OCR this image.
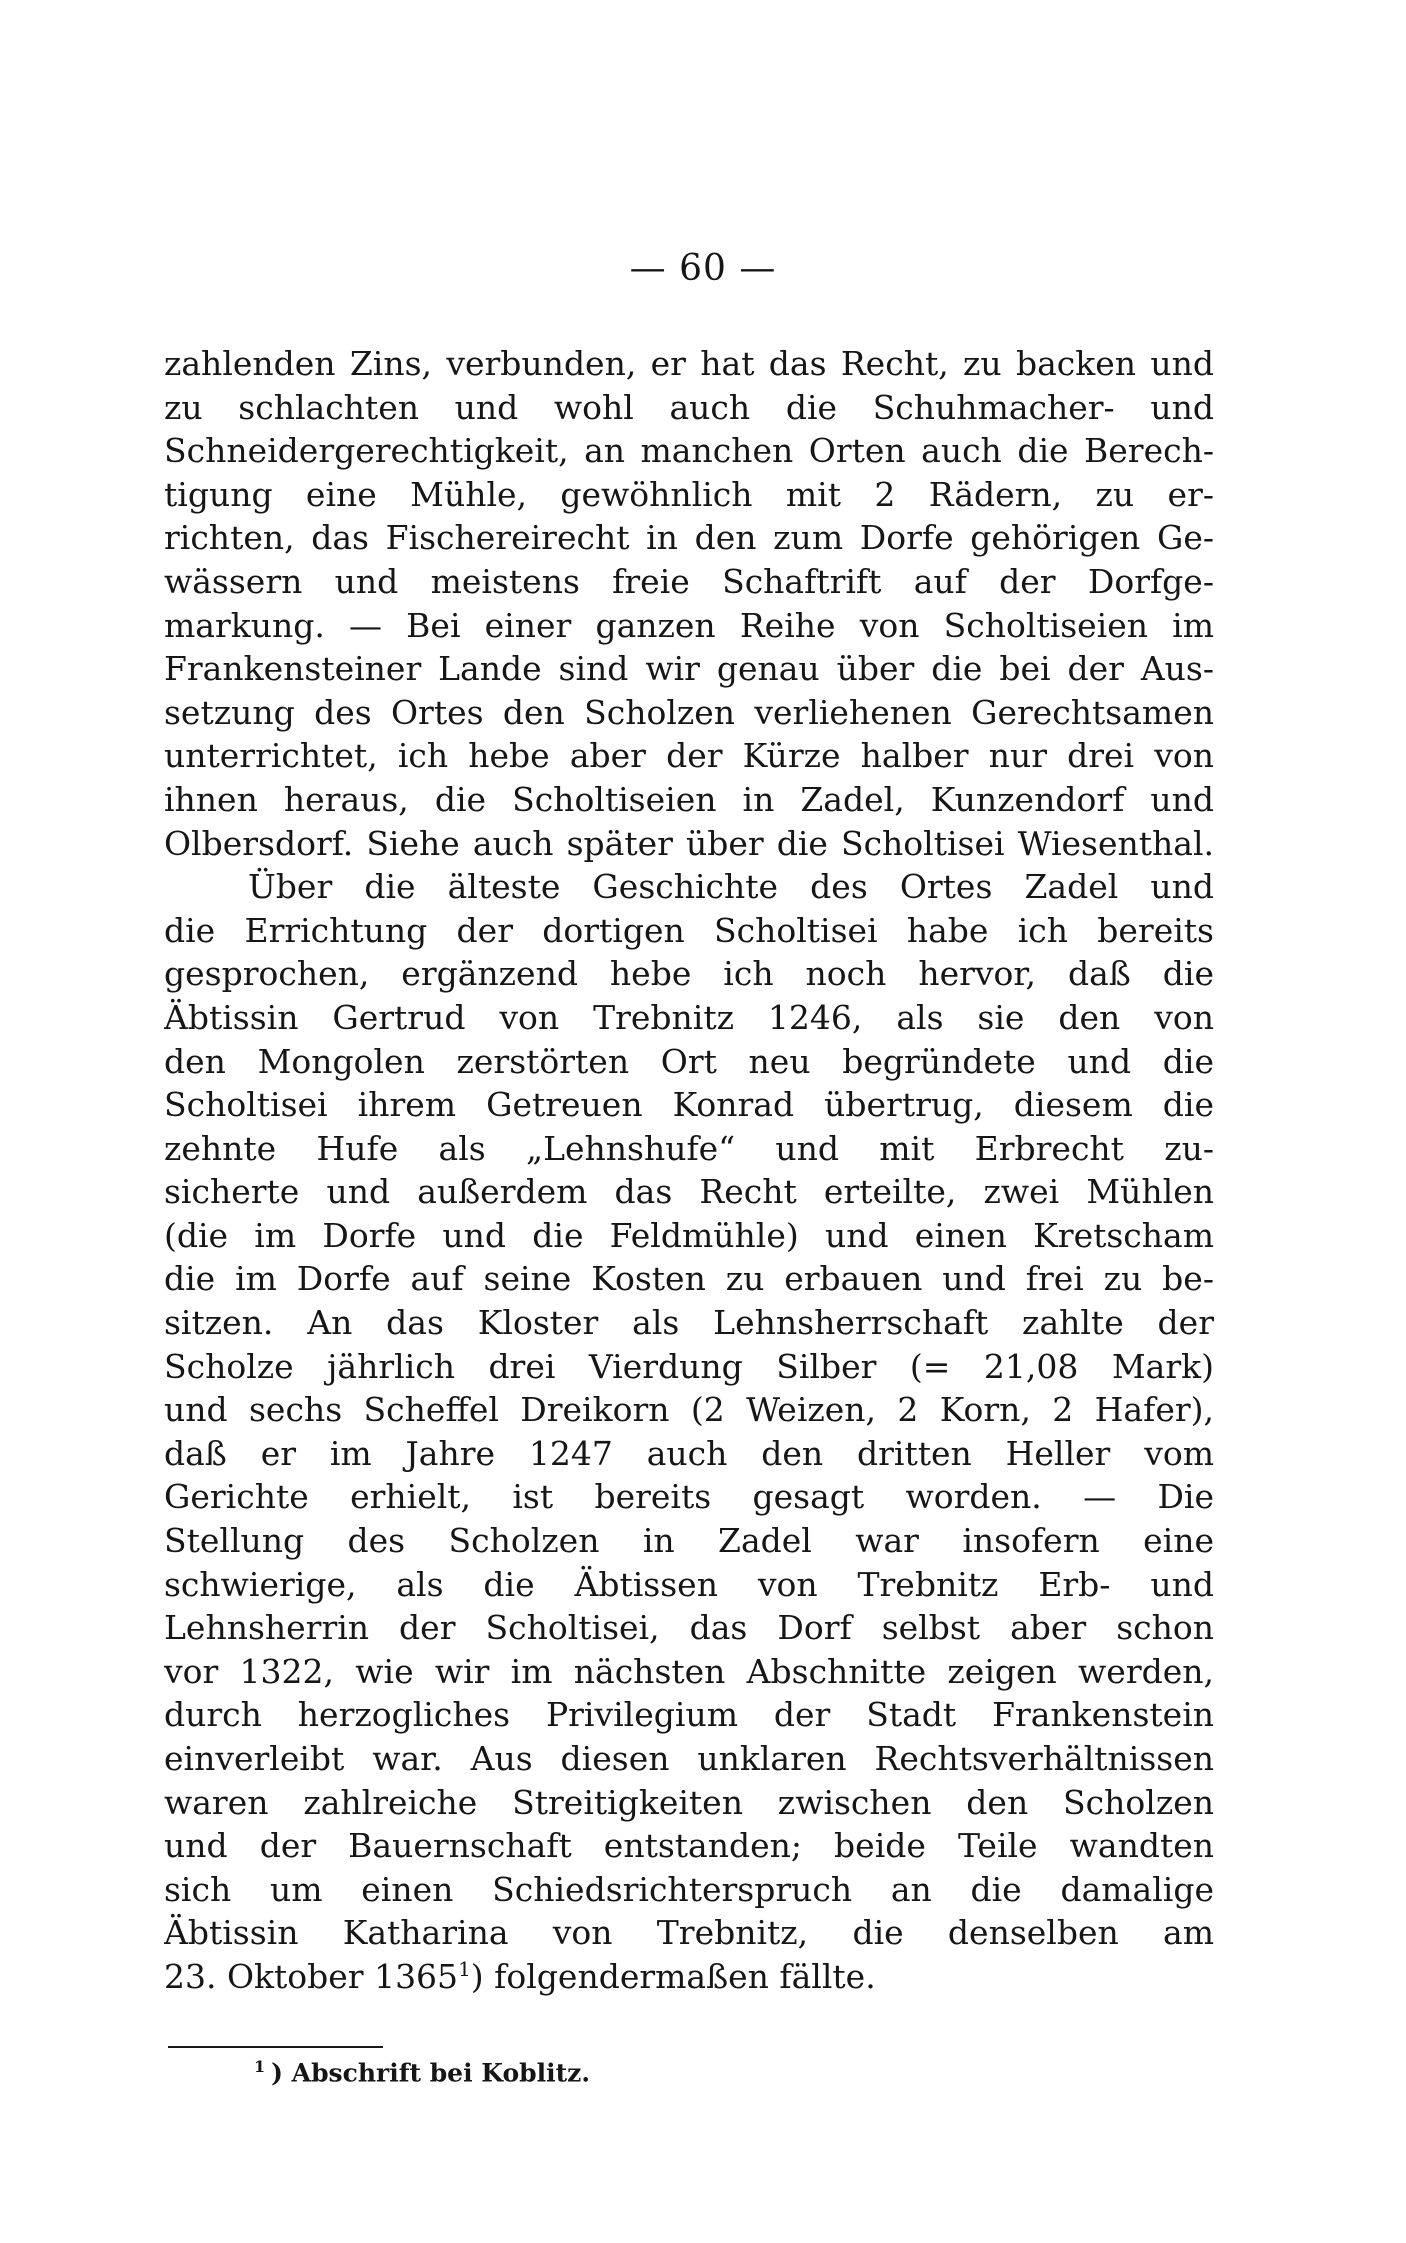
— 60 —
zahlenden Zins, verbunden, er hat das Recht, zu backen und
zu schlachten und wohl auch die Schuhmacher- und
Schneidergerechtigkeit, an manchen Orten auch die Berech-
tigung eine Mühle, gewöhnlich mit 2 Rädern, zu er-
richten, das Fischereirecht in den zum Dorfe gehörigen Ge-
wässern und meistens freie Schaftrift auf der Dorfge-
markung. — Bei einer ganzen Reihe von Scholtiseien im
Frankensteiner Lande sind wir genau über die bei der Aus-
setzung des Ortes den Scholzen verliehenen Gerechtsamen
unterrichtet, ich hebe aber der Kürze halber nur drei von
ihnen heraus, die Scholtiseien in Zadel, Kunzendorf und
Olbersdorf. Siehe auch später über die Scholtisei Wiesenthal.
Über die älteste Geschichte des Ortes Zadel und
die Errichtung der dortigen Scholtisei habe ich bereits
gesprochen, ergänzend hebe ich noch hervor, daß die
Äbtissin Gertrud von Trebnitz 1246, als sie den von
den Mongolen zerstörten Ort neu begründete und die
Scholtisei ihrem Getreuen Konrad übertrug, diesem die
zehnte Hufe als „Lehnshufe“ und mit Erbrecht zu-
sicherte und außerdem das Recht erteilte, zwei Mühlen
(die im Dorfe und die Feldmühle) und einen Kretscham
die im Dorfe auf seine Kosten zu erbauen und frei zu be-
sitzen. An das Kloster als Lehnsherrschaft zahlte der
Scholze jährlich drei Vierdung Silber (= 21,08 Mark)
und sechs Scheffel Dreikorn (2 Weizen, 2 Korn, 2 Hafer),
daß er im Jahre 1247 auch den dritten Heller vom
Gerichte erhielt, ist bereits gesagt worden. — Die
Stellung des Scholzen in Zadel war insofern eine
schwierige, als die Äbtissen von Trebnitz Erb- und
Lehnsherrin der Scholtisei, das Dorf selbst aber schon
vor 1322, wie wir im nächsten Abschnitte zeigen werden,
durch herzogliches Privilegium der Stadt Frankenstein
einverleibt war. Aus diesen unklaren Rechtsverhältnissen
waren zahlreiche Streitigkeiten zwischen den Scholzen
und der Bauernschaft entstanden; beide Teile wandten
sich um einen Schiedsrichterspruch an die damalige
Äbtissin Katharina von Trebnitz, die denselben am
23. Oktober 1365$^1$) folgendermaßen fällte.
$^1$ ) Abschrift bei Koblitz.
